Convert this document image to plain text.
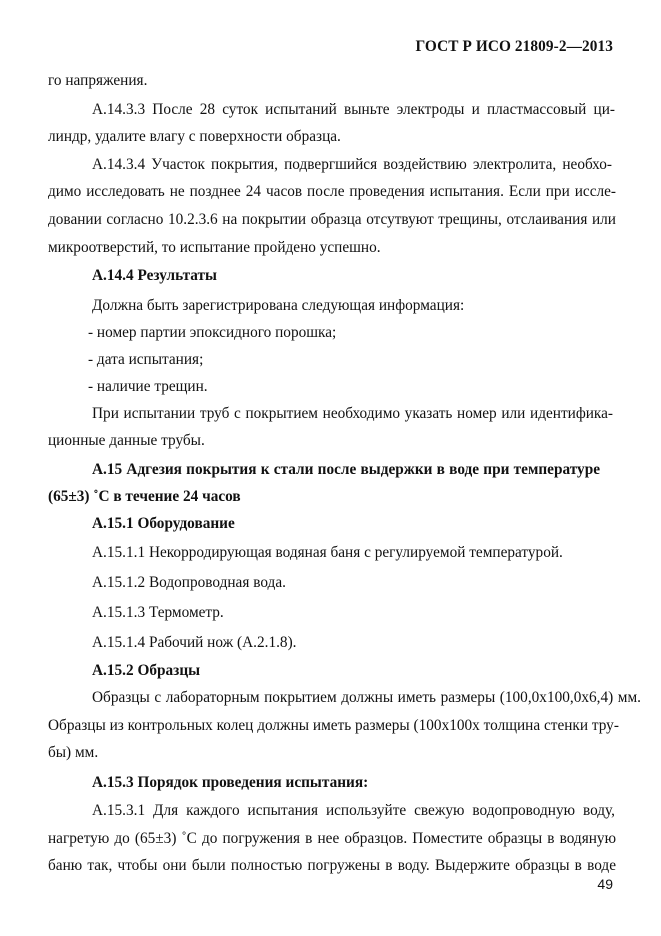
ГОСТ Р ИСО 21809-2—2013
го напряжения.
А.14.3.3 После 28 суток испытаний выньте электроды и пластмассовый ци-
линдр, удалите влагу с поверхности образца.
А.14.3.4 Участок покрытия, подвергшийся воздействию электролита, необхо-
димо исследовать не позднее 24 часов после проведения испытания. Если при иссле-
довании согласно 10.2.3.6 на покрытии образца отсутвуют трещины, отслаивания или
микроотверстий, то испытание пройдено успешно.
А.14.4 Результаты
Должна быть зарегистрирована следующая информация:
- номер партии эпоксидного порошка;
- дата испытания;
- наличие трещин.
При испытании труб с покрытием необходимо указать номер или идентифика-
ционные данные трубы.
А.15 Адгезия покрытия к стали после выдержки в воде при температуре
(65±3) ˚С в течение 24 часов
А.15.1 Оборудование
А.15.1.1 Некорродирующая водяная баня с регулируемой температурой.
А.15.1.2 Водопроводная вода.
А.15.1.3 Термометр.
А.15.1.4 Рабочий нож (А.2.1.8).
А.15.2 Образцы
Образцы с лабораторным покрытием должны иметь размеры (100,0х100,0х6,4) мм.
Образцы из контрольных колец должны иметь размеры (100х100х толщина стенки тру-
бы) мм.
А.15.3 Порядок проведения испытания:
А.15.3.1 Для каждого испытания используйте свежую водопроводную воду,
нагретую до (65±3) ˚С до погружения в нее образцов. Поместите образцы в водяную
баню так, чтобы они были полностью погружены в воду. Выдержите образцы в воде
49
